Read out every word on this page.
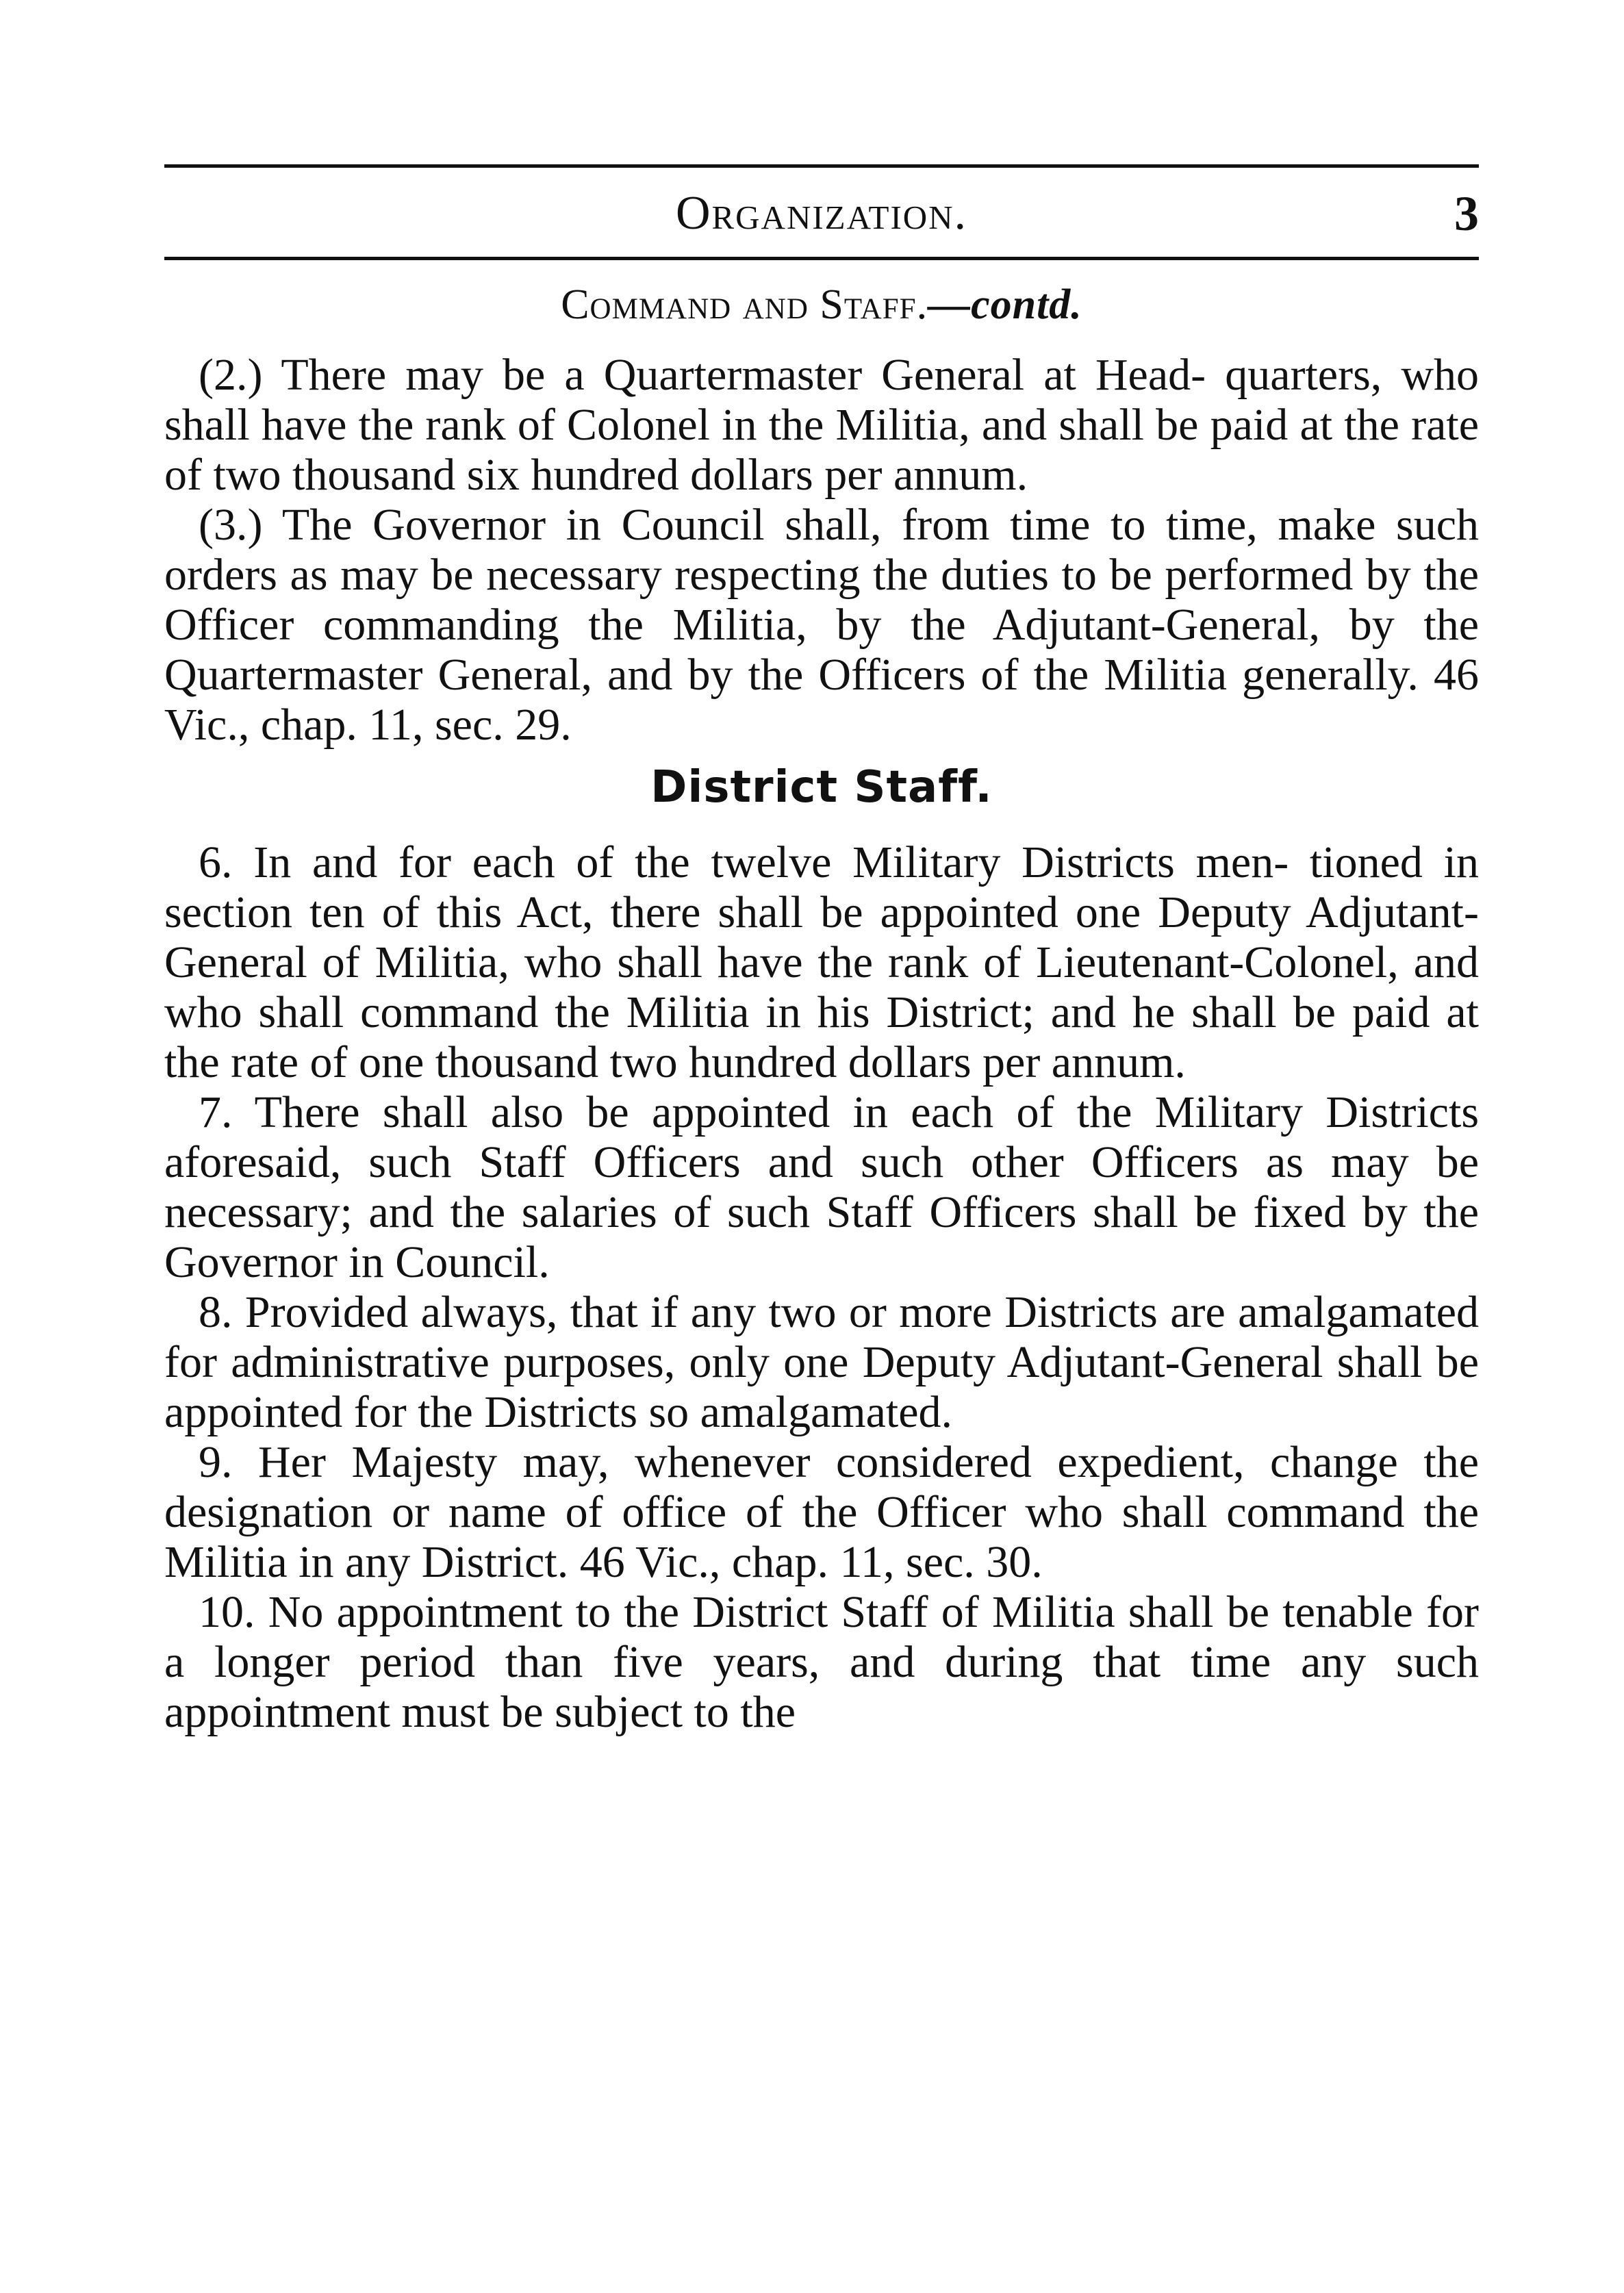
Organization.	3
Command and Staff.—contd.

(2.) There may be a Quartermaster General at Head- quarters, who shall have the rank of Colonel in the Militia, and shall be paid at the rate of two thousand six hundred dollars per annum.

(3.) The Governor in Council shall, from time to time, make such orders as may be necessary respecting the duties to be performed by the Officer commanding the Militia, by the Adjutant-General, by the Quartermaster General, and by the Officers of the Militia generally. 46 Vic., chap. 11, sec. 29.

District Staff.

6. In and for each of the twelve Military Districts men- tioned in section ten of this Act, there shall be appointed one Deputy Adjutant-General of Militia, who shall have the rank of Lieutenant-Colonel, and who shall command the Militia in his District; and he shall be paid at the rate of one thousand two hundred dollars per annum.

7. There shall also be appointed in each of the Military Districts aforesaid, such Staff Officers and such other Officers as may be necessary; and the salaries of such Staff Officers shall be fixed by the Governor in Council.

8. Provided always, that if any two or more Districts are amalgamated for administrative purposes, only one Deputy Adjutant-General shall be appointed for the Districts so amalgamated.

9. Her Majesty may, whenever considered expedient, change the designation or name of office of the Officer who shall command the Militia in any District. 46 Vic., chap. 11, sec. 30.

10. No appointment to the District Staff of Militia shall be tenable for a longer period than five years, and during that time any such appointment must be subject to the
